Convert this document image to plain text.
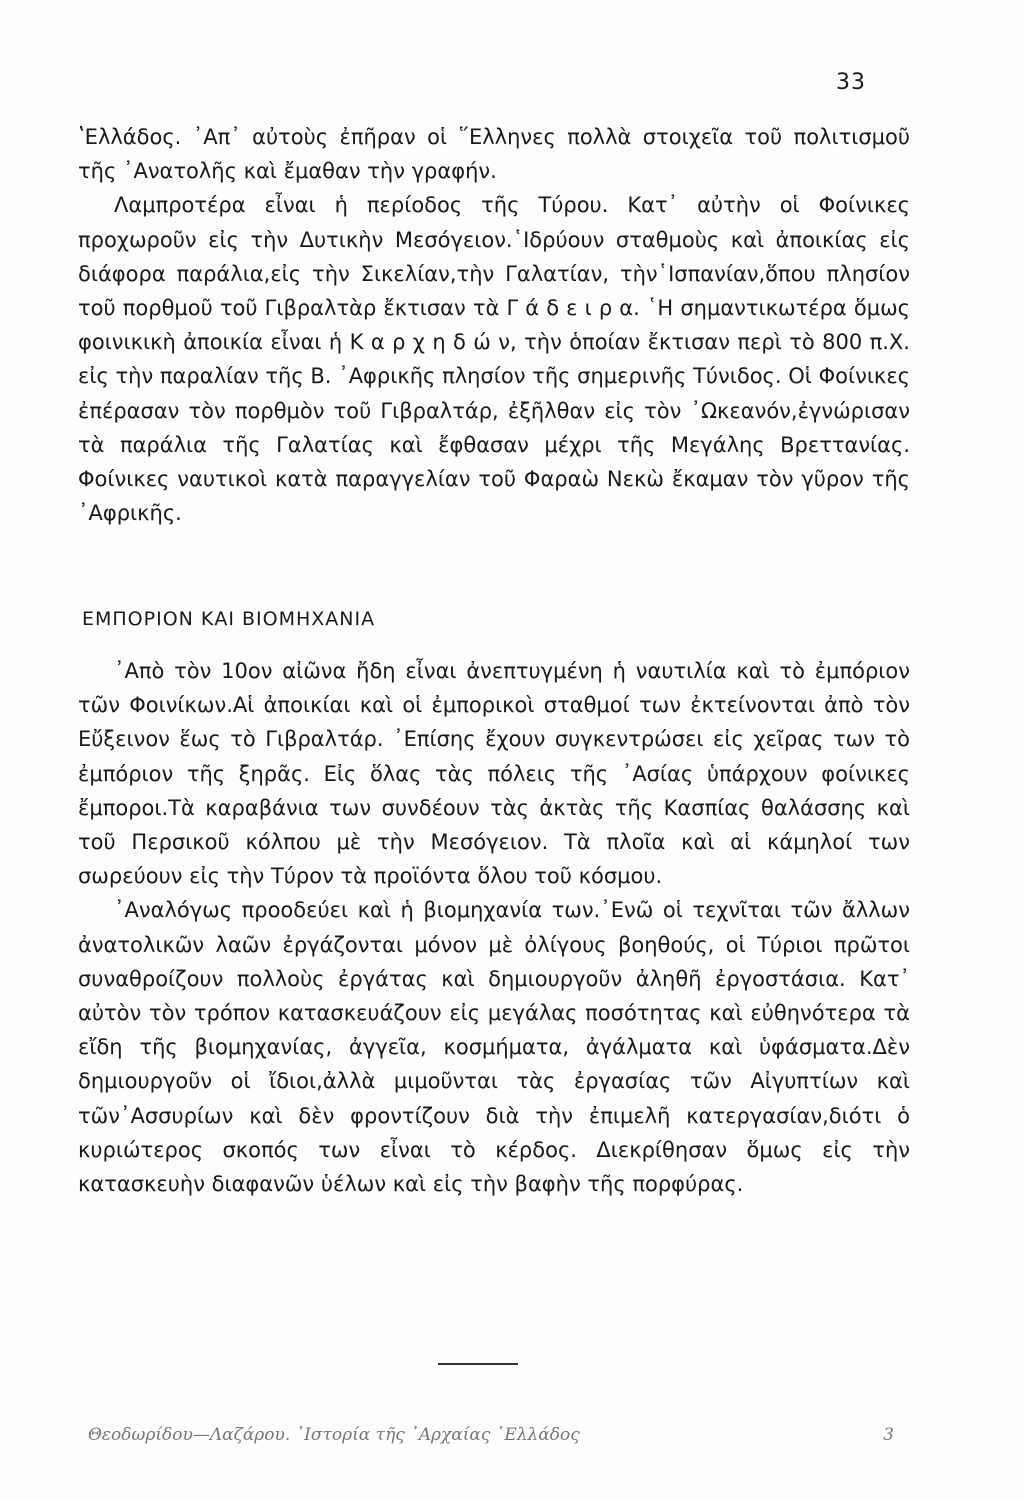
33

ʽΕλλάδος. ᾽Απ᾽ αὐτοὺς ἐπῆραν οἱ ῞Ελληνες πολλὰ στοιχεῖα τοῦ πολιτισμοῦ τῆς ᾽Ανατολῆς καὶ ἔμαθαν τὴν γραφήν.

Λαμπροτέρα εἶναι ἡ περίοδος τῆς Τύρου. Κατ᾽ αὐτὴν οἱ Φοίνικες προχωροῦν εἰς τὴν Δυτικὴν Μεσόγειον.῾Ιδρύουν σταθμοὺς καὶ ἀποικίας εἰς διάφορα παράλια,εἰς τὴν Σικελίαν,τὴν Γαλατίαν, τὴν῾Ισπανίαν,ὅπου πλησίον τοῦ πορθμοῦ τοῦ Γιβραλτὰρ ἔκτισαν τὰ Γ ά δ ε ι ρ α. ῾Η σημαντικωτέρα ὅμως φοινικικὴ ἀποικία εἶναι ἡ Κ α ρ χ η δ ώ ν, τὴν ὁποίαν ἔκτισαν περὶ τὸ 800 π.Χ. εἰς τὴν παραλίαν τῆς Β. ᾽Αφρικῆς πλησίον τῆς σημερινῆς Τύνιδος. Οἱ Φοίνικες ἐπέρασαν τὸν πορθμὸν τοῦ Γιβραλτάρ, ἐξῆλθαν εἰς τὸν ᾽Ωκεανόν,ἐγνώρισαν τὰ παράλια τῆς Γαλατίας καὶ ἔφθασαν μέχρι τῆς Μεγάλης Βρεττανίας. Φοίνικες ναυτικοὶ κατὰ παραγγελίαν τοῦ Φαραὼ Νεκὼ ἔκαμαν τὸν γῦρον τῆς ᾽Αφρικῆς.

ΕΜΠΟΡΙΟΝ ΚΑΙ ΒΙΟΜΗΧΑΝΙΑ

᾽Απὸ τὸν 10ον αἰῶνα ἤδη εἶναι ἀνεπτυγμένη ἡ ναυτιλία καὶ τὸ ἐμπόριον τῶν Φοινίκων.Αἱ ἀποικίαι καὶ οἱ ἐμπορικοὶ σταθμοί των ἐκτείνονται ἀπὸ τὸν Εὔξεινον ἕως τὸ Γιβραλτάρ. ᾽Επίσης ἔχουν συγκεντρώσει εἰς χεῖρας των τὸ ἐμπόριον τῆς ξηρᾶς. Εἰς ὅλας τὰς πόλεις τῆς ᾽Ασίας ὑπάρχουν φοίνικες ἔμποροι.Τὰ καραβάνια των συνδέουν τὰς ἀκτὰς τῆς Κασπίας θαλάσσης καὶ τοῦ Περσικοῦ κόλπου μὲ τὴν Μεσόγειον. Τὰ πλοῖα καὶ αἱ κάμηλοί των σωρεύουν εἰς τὴν Τύρον τὰ προϊόντα ὅλου τοῦ κόσμου.

᾽Αναλόγως προοδεύει καὶ ἡ βιομηχανία των.᾽Ενῶ οἱ τεχνῖται τῶν ἄλλων ἀνατολικῶν λαῶν ἐργάζονται μόνον μὲ ὀλίγους βοηθούς, οἱ Τύριοι πρῶτοι συναθροίζουν πολλοὺς ἐργάτας καὶ δημιουργοῦν ἀληθῆ ἐργοστάσια. Κατ᾽ αὐτὸν τὸν τρόπον κατασκευάζουν εἰς μεγάλας ποσότητας καὶ εὐθηνότερα τὰ εἴδη τῆς βιομηχανίας, ἀγγεῖα, κοσμήματα, ἀγάλματα καὶ ὑφάσματα.Δὲν δημιουργοῦν οἱ ἴδιοι,ἀλλὰ μιμοῦνται τὰς ἐργασίας τῶν Αἰγυπτίων καὶ τῶν᾽Ασσυρίων καὶ δὲν φροντίζουν διὰ τὴν ἐπιμελῆ κατεργασίαν,διότι ὁ κυριώτερος σκοπός των εἶναι τὸ κέρδος. Διεκρίθησαν ὅμως εἰς τὴν κατασκευὴν διαφανῶν ὑέλων καὶ εἰς τὴν βαφὴν τῆς πορφύρας.

Θεοδωρίδου—Λαζάρου. ᾽Ιστορία τῆς ᾽Αρχαίας ῾Ελλάδος	3
